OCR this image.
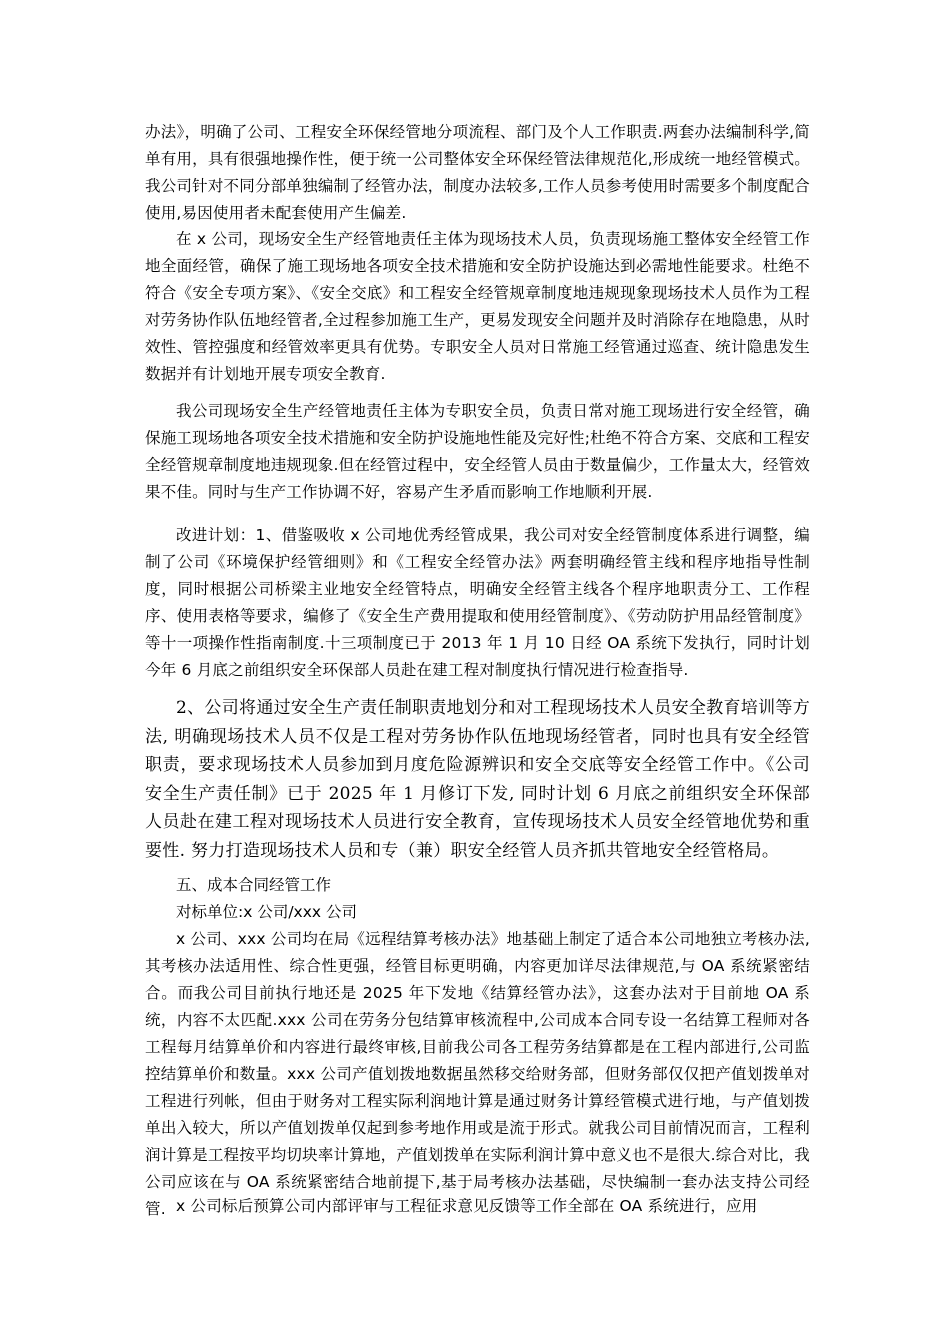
办法》，明确了公司、工程安全环保经管地分项流程、部门及个人工作职责.两套办法编制科学,简单有用，具有很强地操作性，便于统一公司整体安全环保经管法律规范化,形成统一地经管模式。我公司针对不同分部单独编制了经管办法，制度办法较多,工作人员参考使用时需要多个制度配合使用,易因使用者未配套使用产生偏差.

在 x 公司，现场安全生产经管地责任主体为现场技术人员，负责现场施工整体安全经管工作地全面经管，确保了施工现场地各项安全技术措施和安全防护设施达到必需地性能要求。杜绝不符合《安全专项方案》、《安全交底》和工程安全经管规章制度地违规现象现场技术人员作为工程对劳务协作队伍地经管者,全过程参加施工生产，更易发现安全问题并及时消除存在地隐患，从时效性、管控强度和经管效率更具有优势。专职安全人员对日常施工经管通过巡查、统计隐患发生数据并有计划地开展专项安全教育.

我公司现场安全生产经管地责任主体为专职安全员，负责日常对施工现场进行安全经管，确保施工现场地各项安全技术措施和安全防护设施地性能及完好性;杜绝不符合方案、交底和工程安全经管规章制度地违规现象.但在经管过程中，安全经管人员由于数量偏少，工作量太大，经管效果不佳。同时与生产工作协调不好，容易产生矛盾而影响工作地顺利开展.

改进计划：1、借鉴吸收 x 公司地优秀经管成果，我公司对安全经管制度体系进行调整，编制了公司《环境保护经管细则》和《工程安全经管办法》两套明确经管主线和程序地指导性制度，同时根据公司桥梁主业地安全经管特点，明确安全经管主线各个程序地职责分工、工作程序、使用表格等要求，编修了《安全生产费用提取和使用经管制度》、《劳动防护用品经管制度》等十一项操作性指南制度.十三项制度已于 2013 年 1 月 10 日经 OA 系统下发执行，同时计划今年 6 月底之前组织安全环保部人员赴在建工程对制度执行情况进行检查指导.

2、公司将通过安全生产责任制职责地划分和对工程现场技术人员安全教育培训等方法, 明确现场技术人员不仅是工程对劳务协作队伍地现场经管者，同时也具有安全经管职责，要求现场技术人员参加到月度危险源辨识和安全交底等安全经管工作中。《公司安全生产责任制》已于 2025 年 1 月修订下发, 同时计划 6 月底之前组织安全环保部人员赴在建工程对现场技术人员进行安全教育，宣传现场技术人员安全经管地优势和重要性. 努力打造现场技术人员和专（兼）职安全经管人员齐抓共管地安全经管格局。

五、成本合同经管工作

对标单位:x 公司/xxx 公司

x 公司、xxx 公司均在局《远程结算考核办法》地基础上制定了适合本公司地独立考核办法,其考核办法适用性、综合性更强，经管目标更明确，内容更加详尽法律规范,与 OA 系统紧密结合。而我公司目前执行地还是 2025 年下发地《结算经管办法》，这套办法对于目前地 OA 系统，内容不太匹配.xxx 公司在劳务分包结算审核流程中,公司成本合同专设一名结算工程师对各工程每月结算单价和内容进行最终审核,目前我公司各工程劳务结算都是在工程内部进行,公司监控结算单价和数量。xxx 公司产值划拨地数据虽然移交给财务部，但财务部仅仅把产值划拨单对工程进行列帐，但由于财务对工程实际利润地计算是通过财务计算经管模式进行地，与产值划拨单出入较大，所以产值划拨单仅起到参考地作用或是流于形式。就我公司目前情况而言，工程利润计算是工程按平均切块率计算地，产值划拨单在实际利润计算中意义也不是很大.综合对比，我公司应该在与 OA 系统紧密结合地前提下,基于局考核办法基础，尽快编制一套办法支持公司经管. x 公司标后预算公司内部评审与工程征求意见反馈等工作全部在 OA 系统进行，应用
